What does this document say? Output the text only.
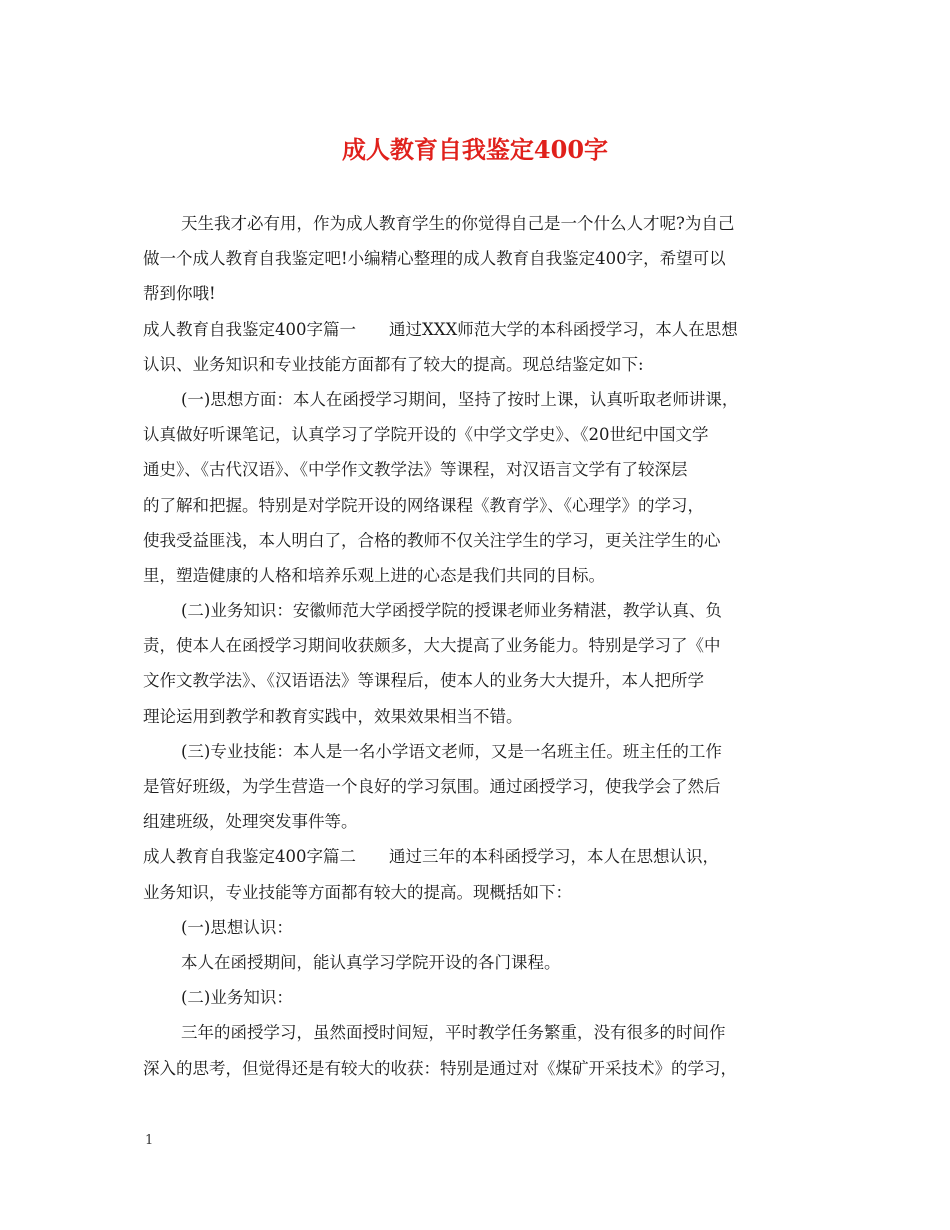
成人教育自我鉴定400字
天生我才必有用，作为成人教育学生的你觉得自己是一个什么人才呢?为自己
做一个成人教育自我鉴定吧!小编精心整理的成人教育自我鉴定400字，希望可以
帮到你哦!
成人教育自我鉴定400字篇一　　通过XXX师范大学的本科函授学习，本人在思想
认识、业务知识和专业技能方面都有了较大的提高。现总结鉴定如下:
(一)思想方面：本人在函授学习期间，坚持了按时上课，认真听取老师讲课，
认真做好听课笔记，认真学习了学院开设的《中学文学史》、《20世纪中国文学
通史》、《古代汉语》、《中学作文教学法》等课程，对汉语言文学有了较深层
的了解和把握。特别是对学院开设的网络课程《教育学》、《心理学》的学习，
使我受益匪浅，本人明白了，合格的教师不仅关注学生的学习，更关注学生的心
里，塑造健康的人格和培养乐观上进的心态是我们共同的目标。
(二)业务知识：安徽师范大学函授学院的授课老师业务精湛，教学认真、负
责，使本人在函授学习期间收获颇多，大大提高了业务能力。特别是学习了《中
文作文教学法》、《汉语语法》等课程后，使本人的业务大大提升，本人把所学
理论运用到教学和教育实践中，效果效果相当不错。
(三)专业技能：本人是一名小学语文老师，又是一名班主任。班主任的工作
是管好班级，为学生营造一个良好的学习氛围。通过函授学习，使我学会了然后
组建班级，处理突发事件等。
成人教育自我鉴定400字篇二　　通过三年的本科函授学习，本人在思想认识，
业务知识，专业技能等方面都有较大的提高。现概括如下：
(一)思想认识：
本人在函授期间，能认真学习学院开设的各门课程。
(二)业务知识：
三年的函授学习，虽然面授时间短，平时教学任务繁重，没有很多的时间作
深入的思考，但觉得还是有较大的收获：特别是通过对《煤矿开采技术》的学习，
1
